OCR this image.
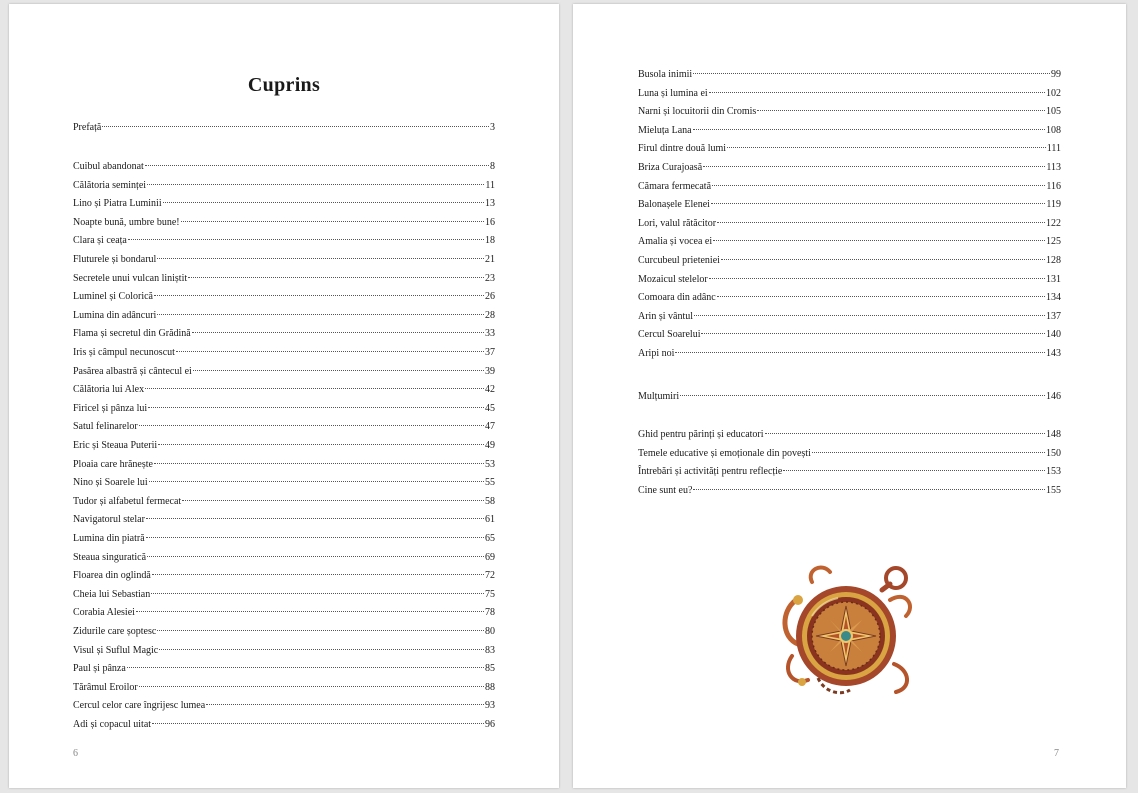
Cuprins
Prefață	3
Cuibul abandonat	8
Călătoria seminței	11
Lino și Piatra Luminii	13
Noapte bună, umbre bune!	16
Clara și ceața	18
Fluturele și bondarul	21
Secretele unui vulcan liniștit	23
Luminel și Colorică	26
Lumina din adâncuri	28
Flama și secretul din Grădină	33
Iris și câmpul necunoscut	37
Pasărea albastră și cântecul ei	39
Călătoria lui Alex	42
Firicel și pânza lui	45
Satul felinarelor	47
Eric și Steaua Puterii	49
Ploaia care hrănește	53
Nino și Soarele lui	55
Tudor și alfabetul fermecat	58
Navigatorul stelar	61
Lumina din piatră	65
Steaua singuratică	69
Floarea din oglindă	72
Cheia lui Sebastian	75
Corabia Alesiei	78
Zidurile care șoptesc	80
Visul și Suflul Magic	83
Paul și pânza	85
Tărâmul Eroilor	88
Cercul celor care îngrijesc lumea	93
Adi și copacul uitat	96
6
Busola inimii	99
Luna și lumina ei	102
Narni și locuitorii din Cromis	105
Mieluța Lana	108
Firul dintre două lumi	111
Briza Curajoasă	113
Cămara fermecată	116
Balonașele Elenei	119
Lori, valul rătăcitor	122
Amalia și vocea ei	125
Curcubeul prieteniei	128
Mozaicul stelelor	131
Comoara din adânc	134
Arin și vântul	137
Cercul Soarelui	140
Aripi noi	143
Mulțumiri	146
Ghid pentru părinți și educatori	148
Temele educative și emoționale din povești	150
Întrebări și activități pentru reflecție	153
Cine sunt eu?	155
7
